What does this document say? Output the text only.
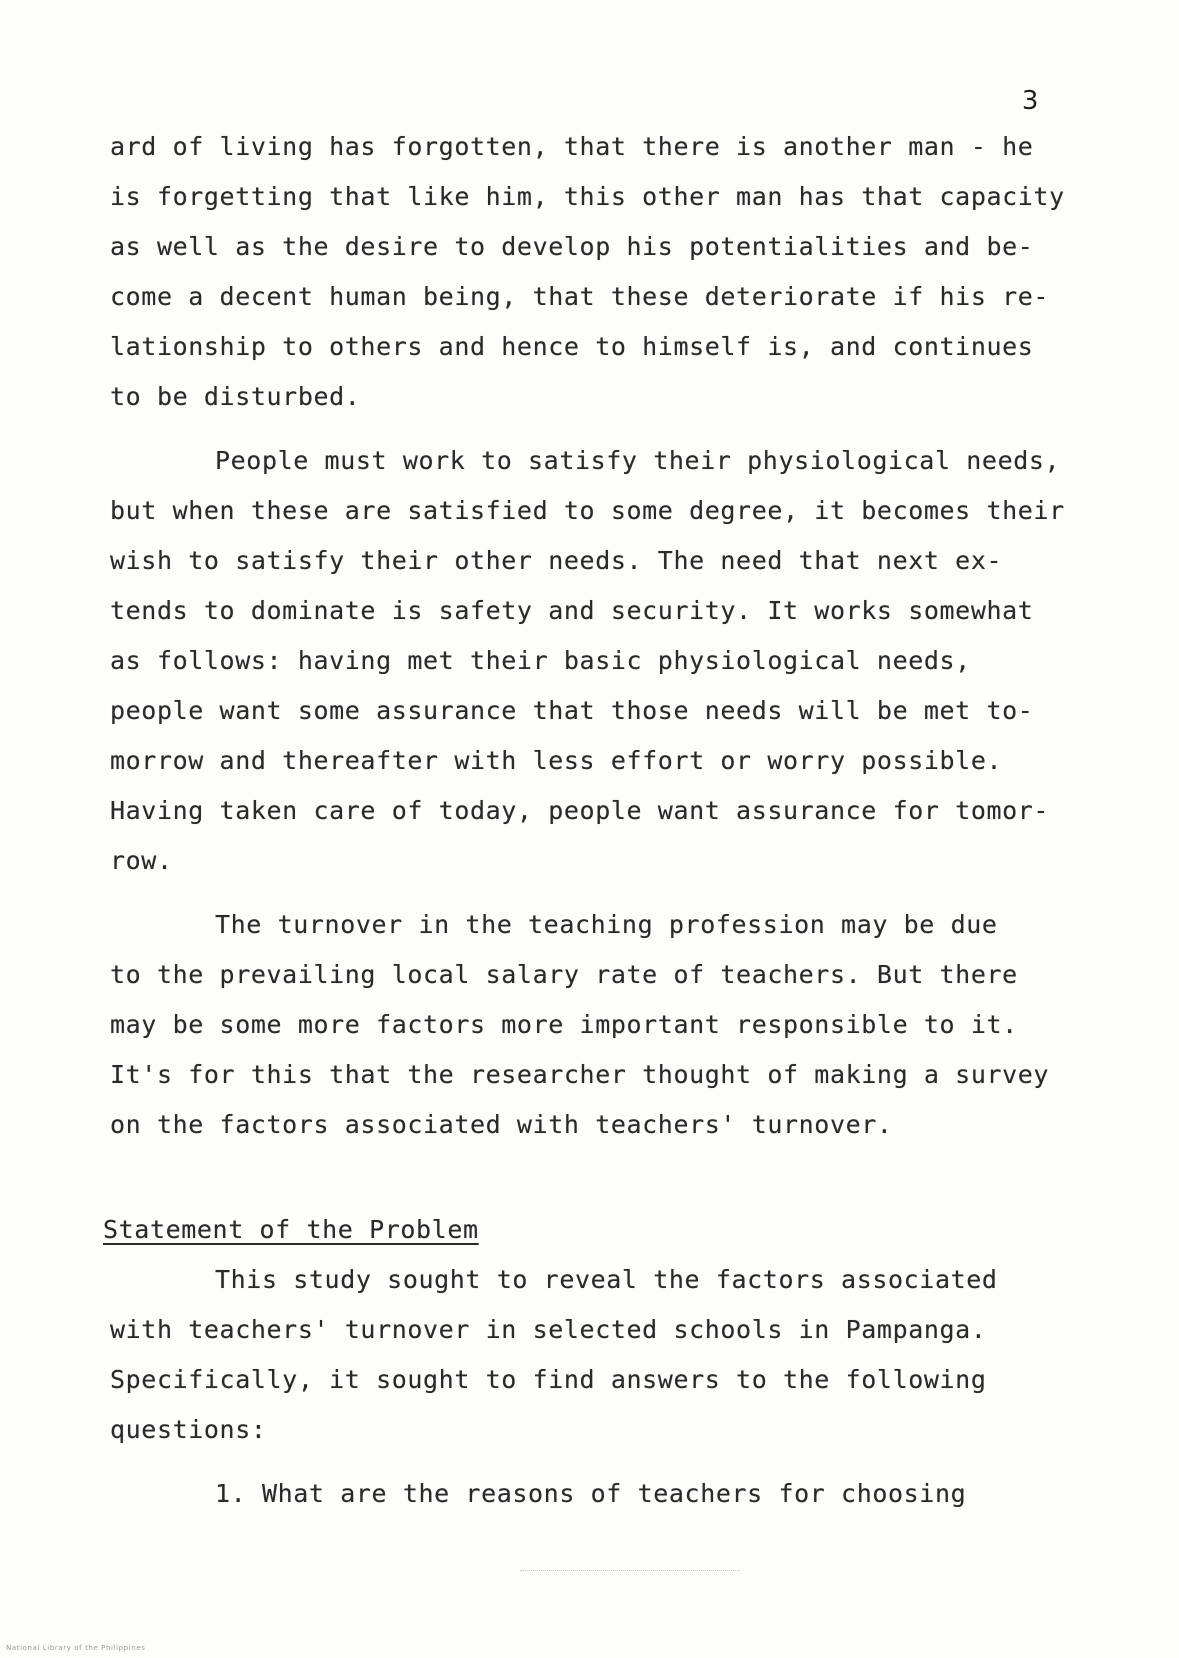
3
ard of living has forgotten, that there is another man - he
is forgetting that like him, this other man has that capacity
as well as the desire to develop his potentialities and be-
come a decent human being, that these deteriorate if his re-
lationship to others and hence to himself is, and continues
to be disturbed.
People must work to satisfy their physiological needs,
but when these are satisfied to some degree, it becomes their
wish to satisfy their other needs. The need that next ex-
tends to dominate is safety and security. It works somewhat
as follows: having met their basic physiological needs,
people want some assurance that those needs will be met to-
morrow and thereafter with less effort or worry possible.
Having taken care of today, people want assurance for tomor-
row.
The turnover in the teaching profession may be due
to the prevailing local salary rate of teachers. But there
may be some more factors more important responsible to it.
It's for this that the researcher thought of making a survey
on the factors associated with teachers' turnover.
Statement of the Problem
This study sought to reveal the factors associated
with teachers' turnover in selected schools in Pampanga.
Specifically, it sought to find answers to the following
questions:
1. What are the reasons of teachers for choosing
National Library of the Philippines
